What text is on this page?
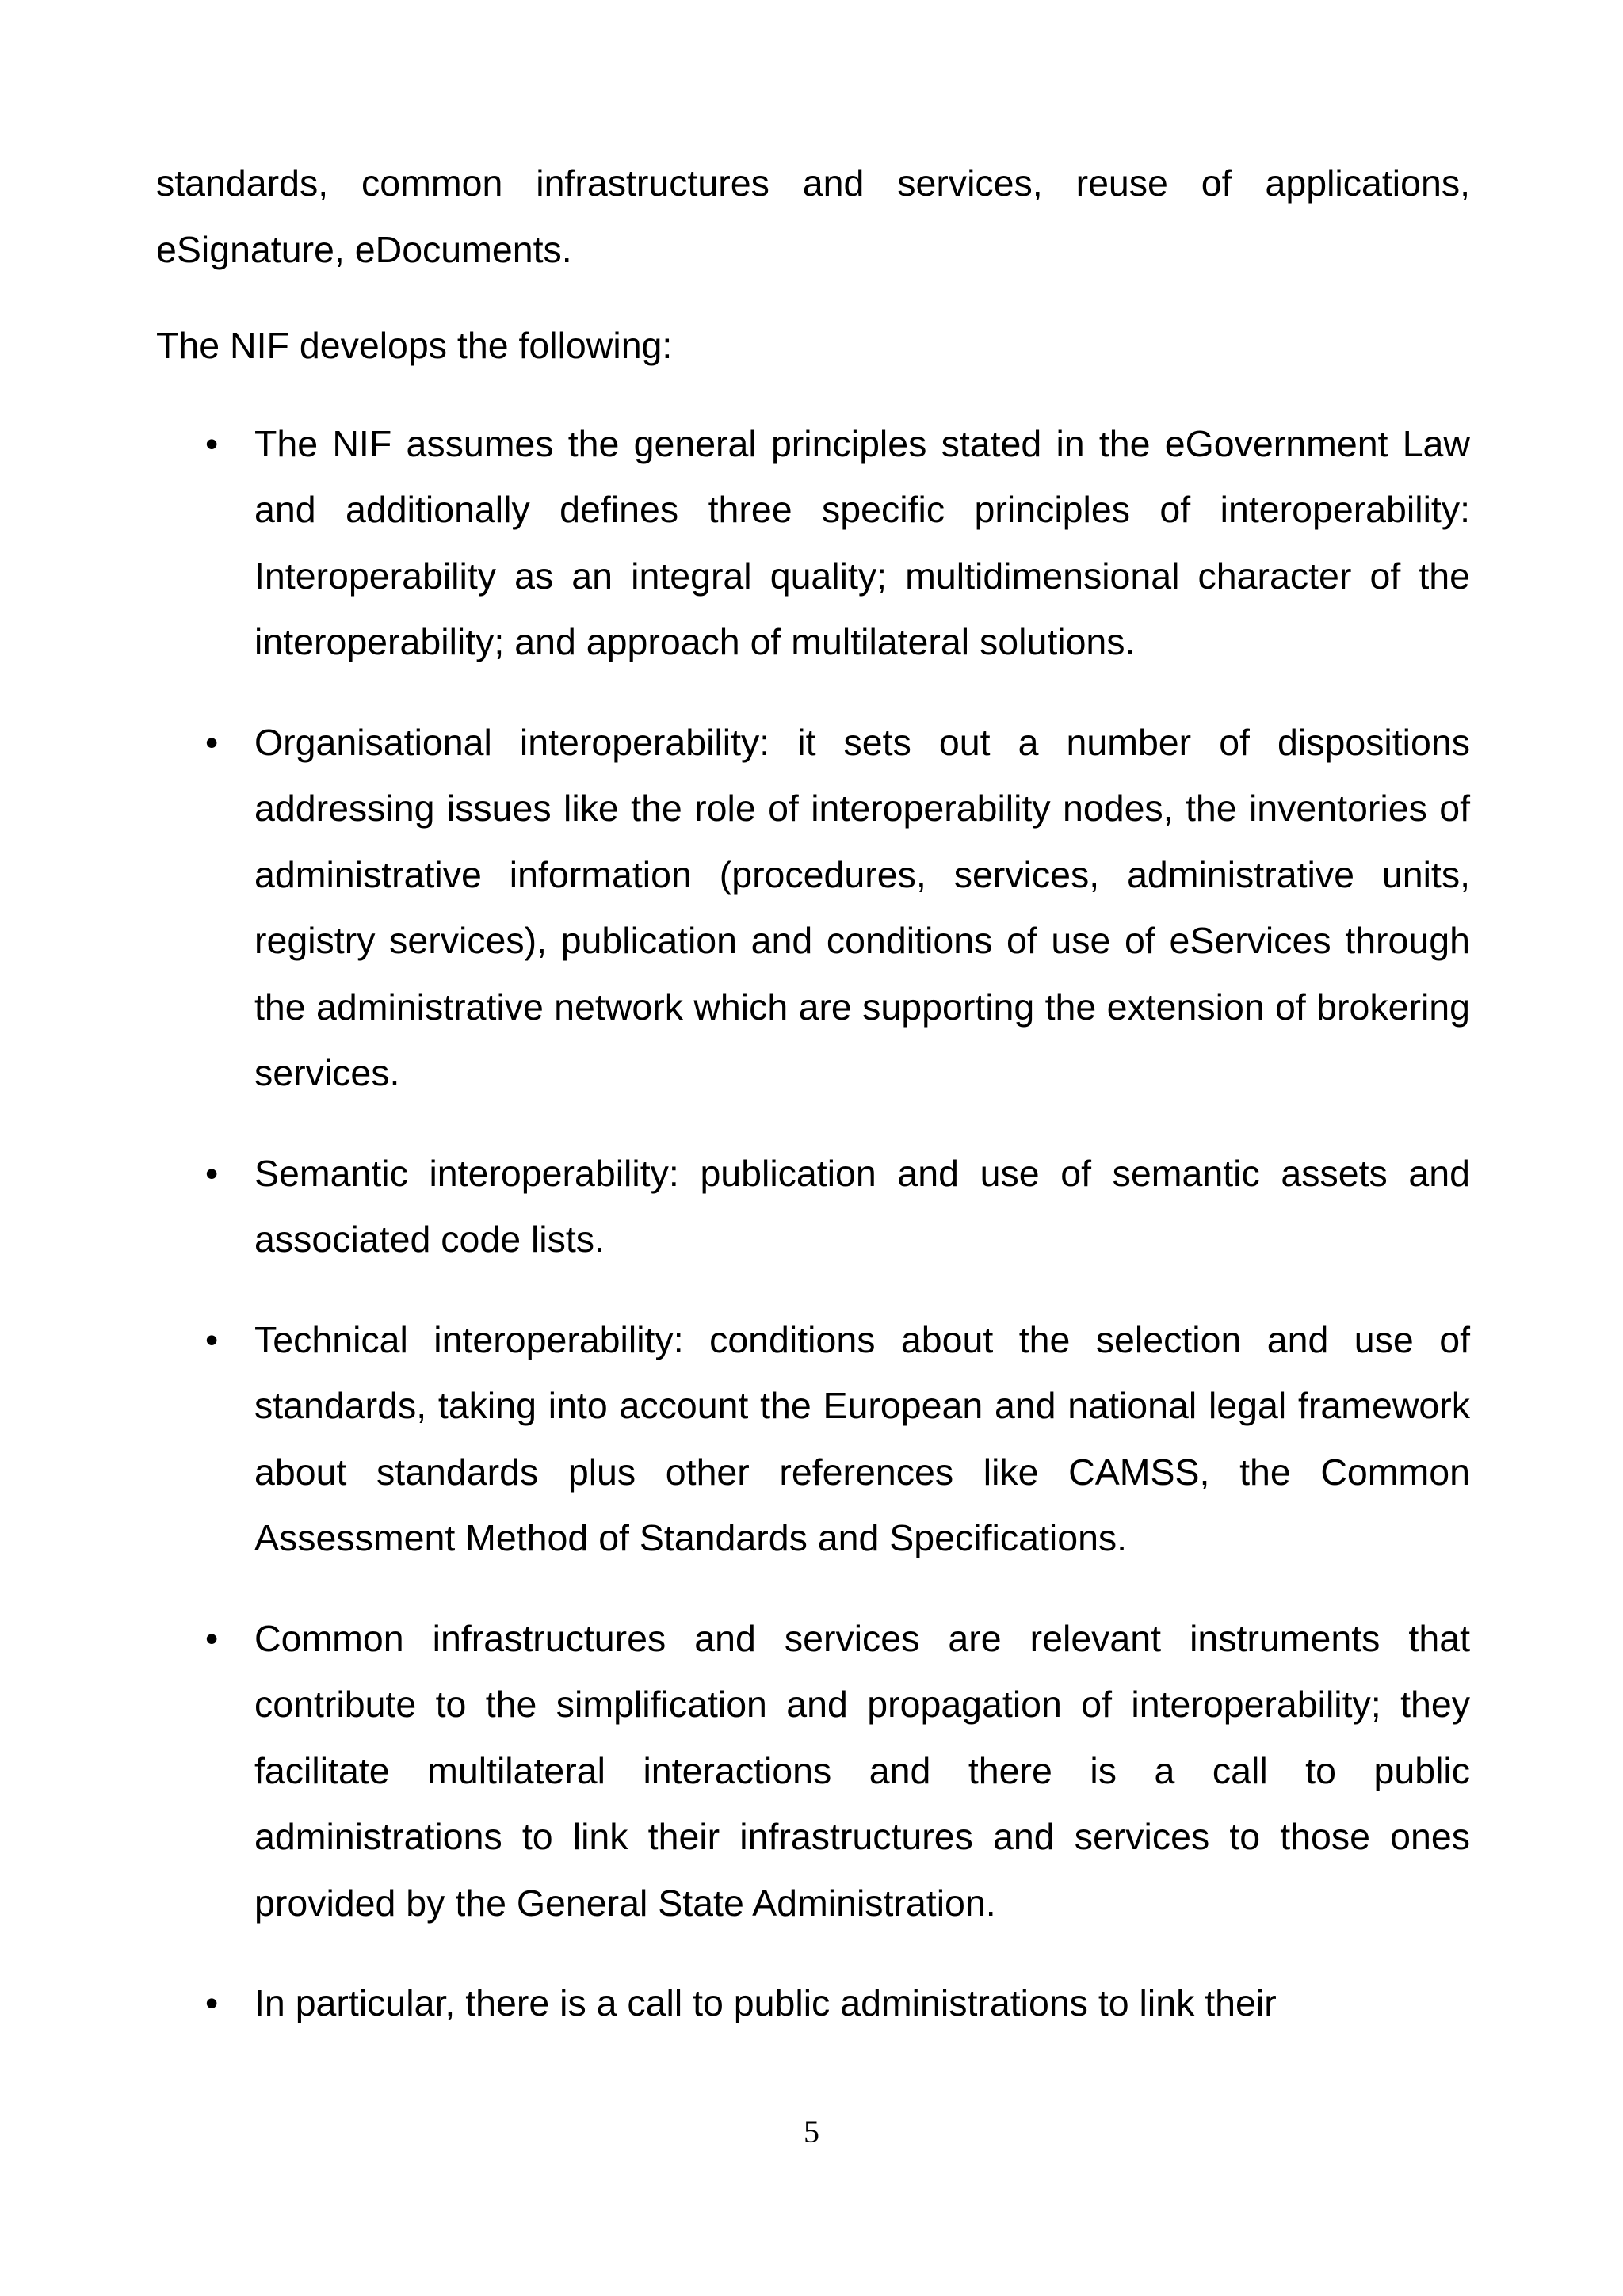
standards, common infrastructures and services, reuse of applications, eSignature, eDocuments.

The NIF develops the following:

• The NIF assumes the general principles stated in the eGovernment Law and additionally defines three specific principles of interoperability: Interoperability as an integral quality; multidimensional character of the interoperability; and approach of multilateral solutions.
• Organisational interoperability: it sets out a number of dispositions addressing issues like the role of interoperability nodes, the inventories of administrative information (procedures, services, administrative units, registry services), publication and conditions of use of eServices through the administrative network which are supporting the extension of brokering services.
• Semantic interoperability: publication and use of semantic assets and associated code lists.
• Technical interoperability: conditions about the selection and use of standards, taking into account the European and national legal framework about standards plus other references like CAMSS, the Common Assessment Method of Standards and Specifications.
• Common infrastructures and services are relevant instruments that contribute to the simplification and propagation of interoperability; they facilitate multilateral interactions and there is a call to public administrations to link their infrastructures and services to those ones provided by the General State Administration.
• In particular, there is a call to public administrations to link their
5
